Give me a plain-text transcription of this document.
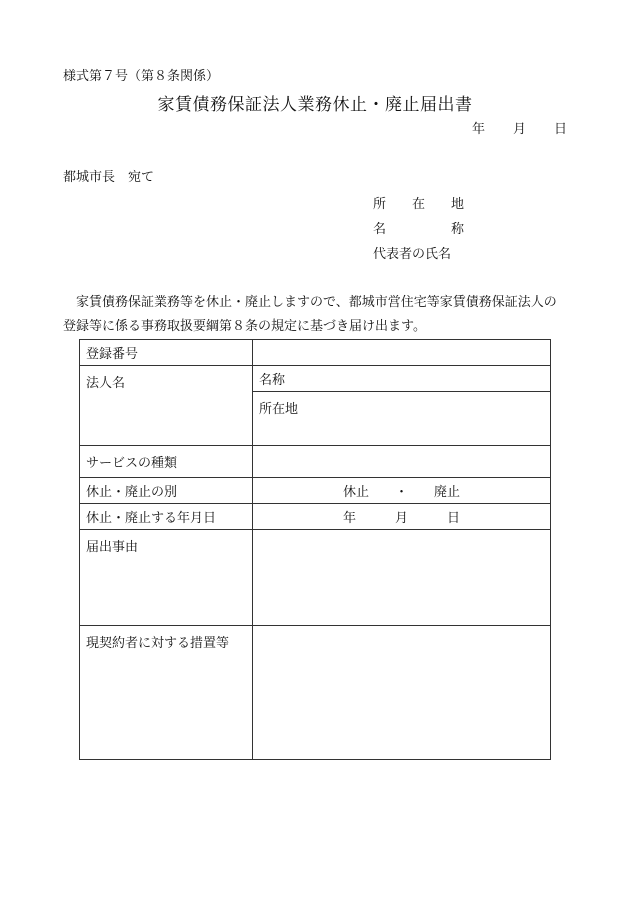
様式第７号（第８条関係）
家賃債務保証法人業務休止・廃止届出書
年 月 日
都城市長　宛て
所　　在　　地
名　　　　　称
代表者の氏名
　家賃債務保証業務等を休止・廃止しますので、都城市営住宅等家賃債務保証法人の登録等に係る事務取扱要綱第８条の規定に基づき届け出ます。
登録番号	
法人名	名称
	所在地
サービスの種類	
休止・廃止の別	休止　　・　　廃止
休止・廃止する年月日	年　　　月　　　日
届出事由	
現契約者に対する措置等	
